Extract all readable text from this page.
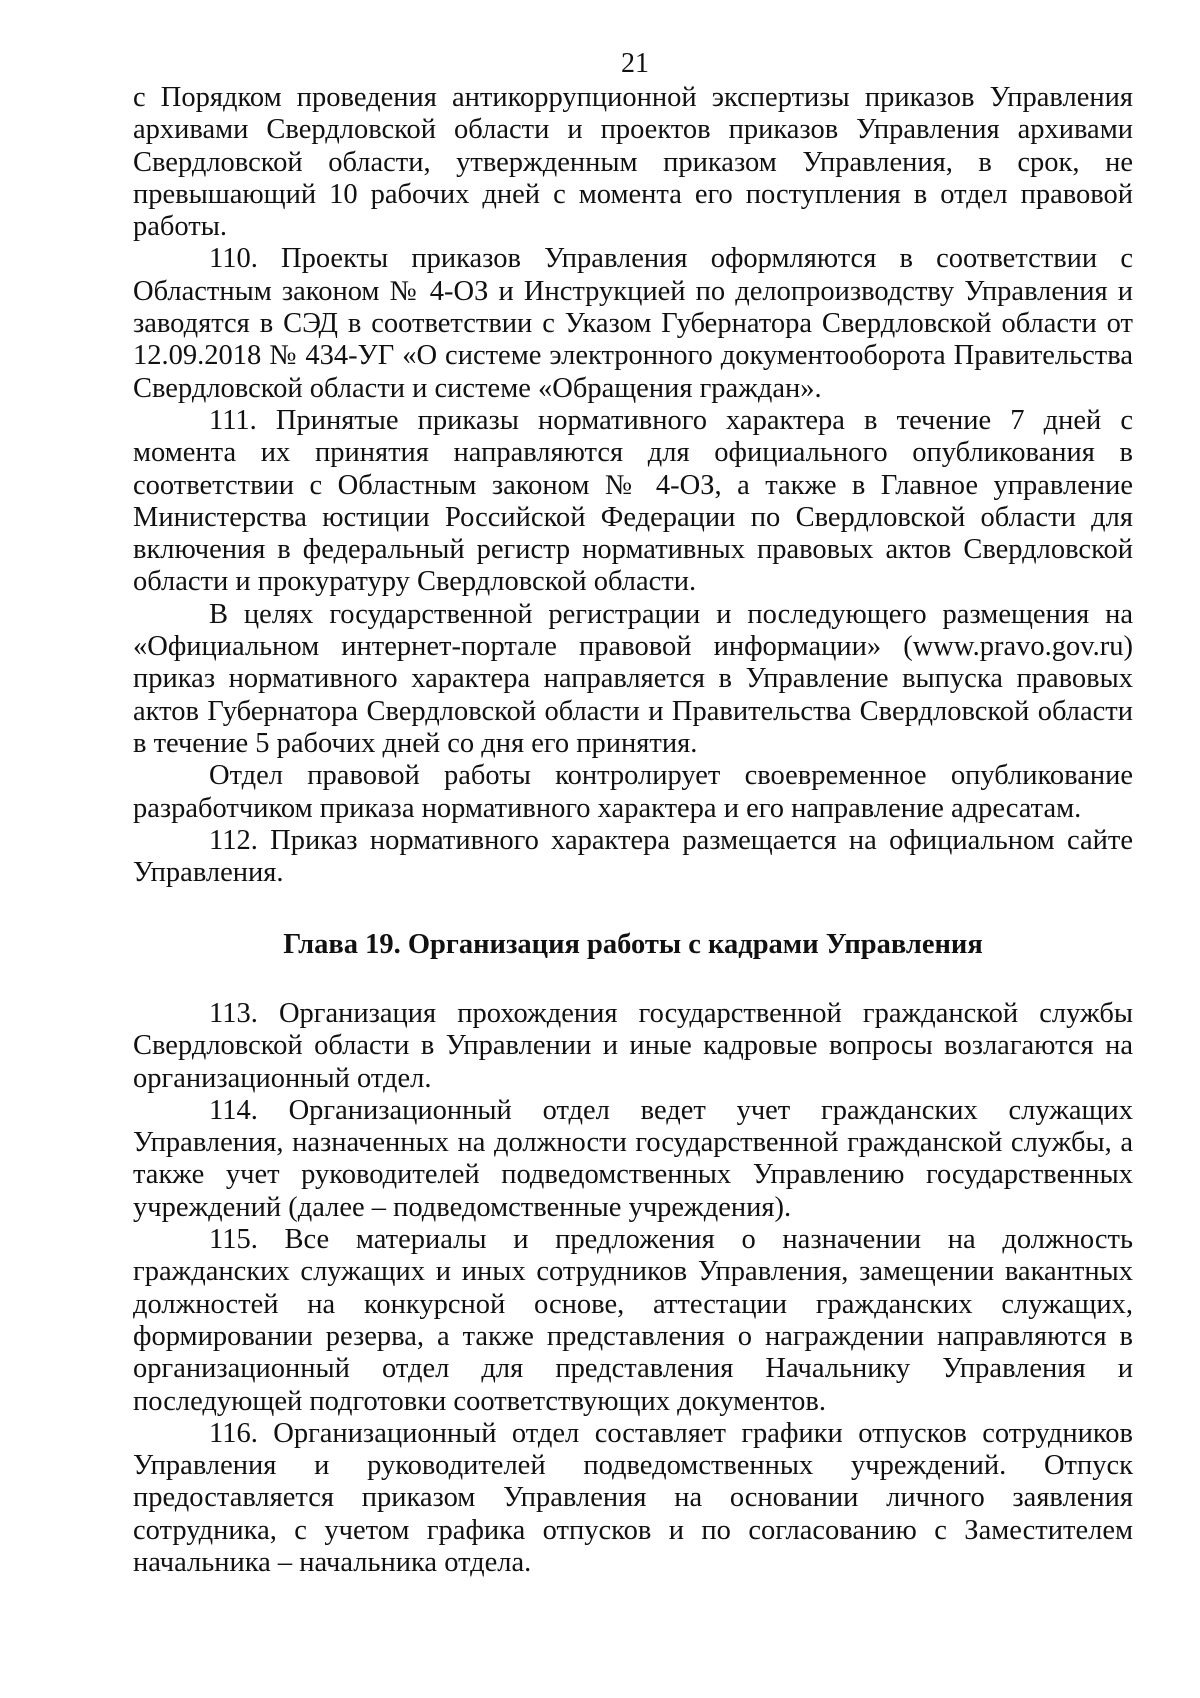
21

с Порядком проведения антикоррупционной экспертизы приказов Управления архивами Свердловской области и проектов приказов Управления архивами Свердловской области, утвержденным приказом Управления, в срок, не превышающий 10 рабочих дней с момента его поступления в отдел правовой работы.

110. Проекты приказов Управления оформляются в соответствии с Областным законом № 4-ОЗ и Инструкцией по делопроизводству Управления и заводятся в СЭД в соответствии с Указом Губернатора Свердловской области от 12.09.2018 № 434-УГ «О системе электронного документооборота Правительства Свердловской области и системе «Обращения граждан».

111. Принятые приказы нормативного характера в течение 7 дней с момента их принятия направляются для официального опубликования в соответствии с Областным законом № 4-ОЗ, а также в Главное управление Министерства юстиции Российской Федерации по Свердловской области для включения в федеральный регистр нормативных правовых актов Свердловской области и прокуратуру Свердловской области.

В целях государственной регистрации и последующего размещения на «Официальном интернет-портале правовой информации» (www.pravo.gov.ru) приказ нормативного характера направляется в Управление выпуска правовых актов Губернатора Свердловской области и Правительства Свердловской области в течение 5 рабочих дней со дня его принятия.

Отдел правовой работы контролирует своевременное опубликование разработчиком приказа нормативного характера и его направление адресатам.

112. Приказ нормативного характера размещается на официальном сайте Управления.

Глава 19. Организация работы с кадрами Управления

113. Организация прохождения государственной гражданской службы Свердловской области в Управлении и иные кадровые вопросы возлагаются на организационный отдел.

114. Организационный отдел ведет учет гражданских служащих Управления, назначенных на должности государственной гражданской службы, а также учет руководителей подведомственных Управлению государственных учреждений (далее – подведомственные учреждения).

115. Все материалы и предложения о назначении на должность гражданских служащих и иных сотрудников Управления, замещении вакантных должностей на конкурсной основе, аттестации гражданских служащих, формировании резерва, а также представления о награждении направляются в организационный отдел для представления Начальнику Управления и последующей подготовки соответствующих документов.

116. Организационный отдел составляет графики отпусков сотрудников Управления и руководителей подведомственных учреждений. Отпуск предоставляется приказом Управления на основании личного заявления сотрудника, с учетом графика отпусков и по согласованию с Заместителем начальника – начальника отдела.
